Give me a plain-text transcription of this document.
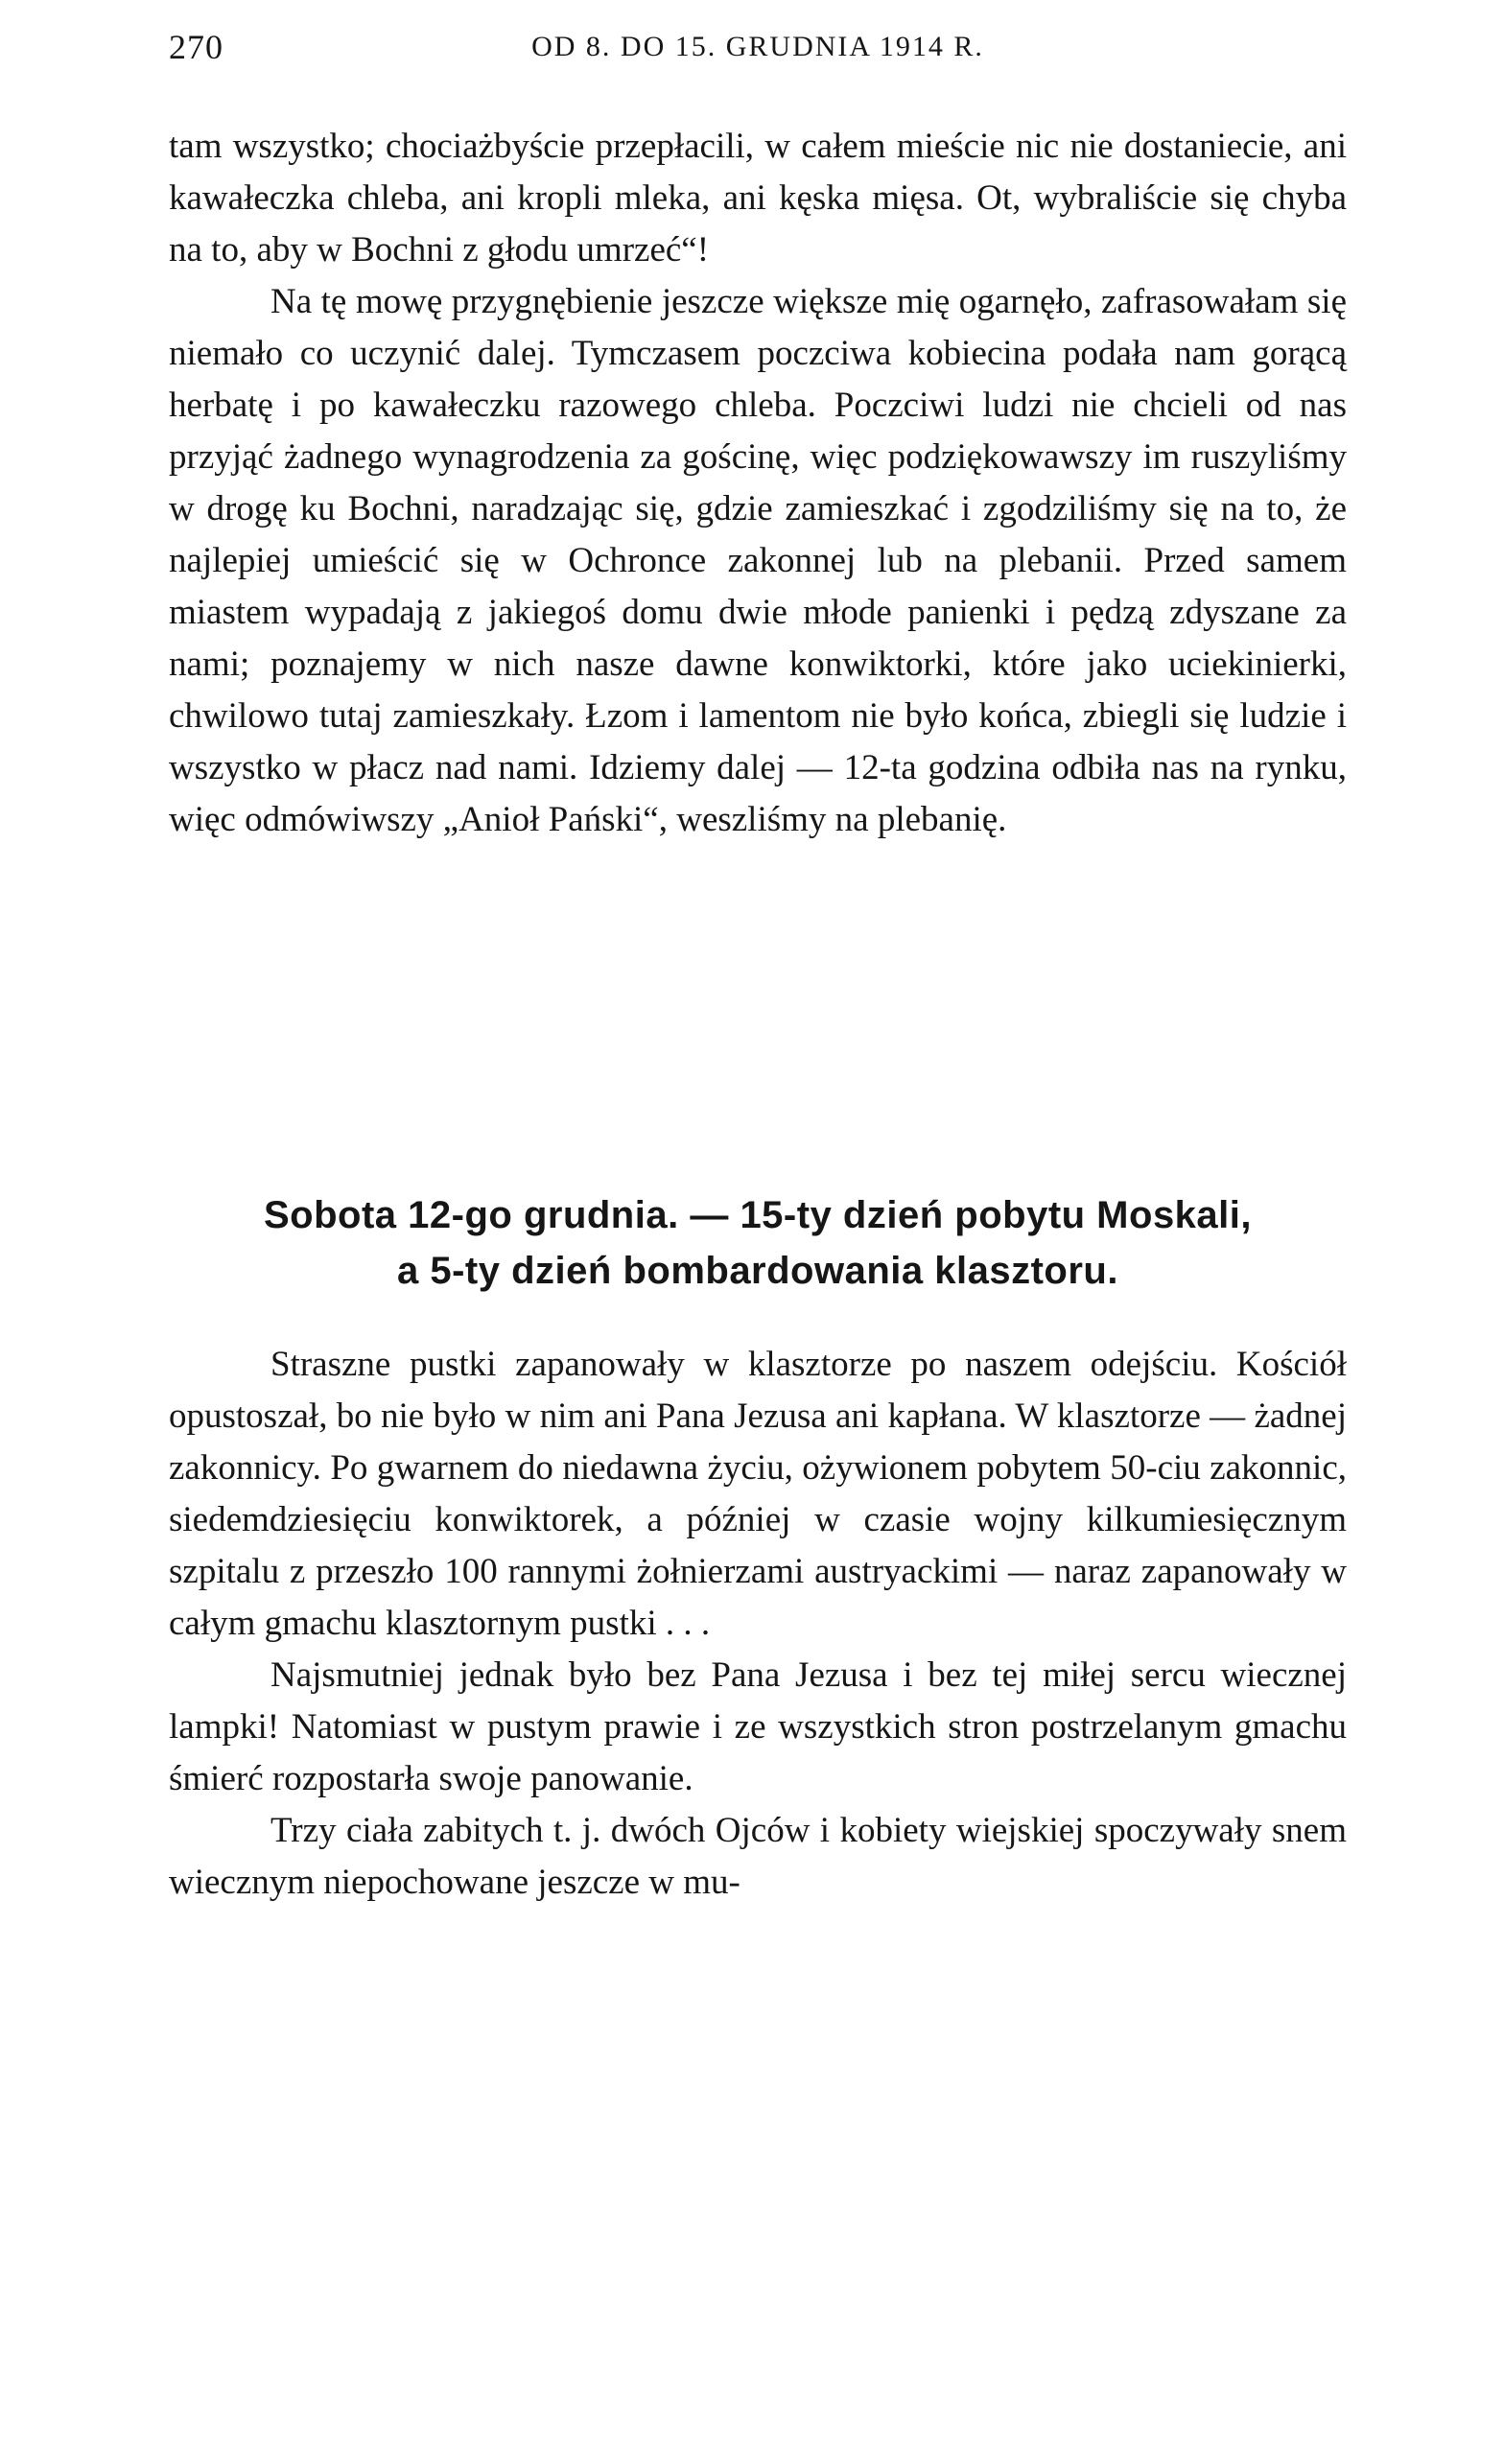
270	OD 8. DO 15. GRUDNIA 1914 R.

tam wszystko; chociażbyście przepłacili, w całem mieście nic nie dostaniecie, ani kawałeczka chleba, ani kropli mleka, ani kęska mięsa. Ot, wybraliście się chyba na to, aby w Bochni z głodu umrzeć“!

Na tę mowę przygnębienie jeszcze większe mię ogarnęło, zafrasowałam się niemało co uczynić dalej. Tymczasem poczciwa kobiecina podała nam gorącą herbatę i po kawałeczku razowego chleba. Poczciwi ludzi nie chcieli od nas przyjąć żadnego wynagrodzenia za gościnę, więc podziękowawszy im ruszyliśmy w drogę ku Bochni, naradzając się, gdzie zamieszkać i zgodziliśmy się na to, że najlepiej umieścić się w Ochronce zakonnej lub na plebanii. Przed samem miastem wypadają z jakiegoś domu dwie młode panienki i pędzą zdyszane za nami; poznajemy w nich nasze dawne konwiktorki, które jako uciekinierki, chwilowo tutaj zamieszkały. Łzom i lamentom nie było końca, zbiegli się ludzie i wszystko w płacz nad nami. Idziemy dalej — 12-ta godzina odbiła nas na rynku, więc odmówiwszy „Anioł Pański“, weszliśmy na plebanię.

Sobota 12-go grudnia. — 15-ty dzień pobytu Moskali,
a 5-ty dzień bombardowania klasztoru.

Straszne pustki zapanowały w klasztorze po naszem odejściu. Kościół opustoszał, bo nie było w nim ani Pana Jezusa ani kapłana. W klasztorze — żadnej zakonnicy. Po gwarnem do niedawna życiu, ożywionem pobytem 50-ciu zakonnic, siedemdziesięciu konwiktorek, a później w czasie wojny kilkumiesięcznym szpitalu z przeszło 100 rannymi żołnierzami austryackimi — naraz zapanowały w całym gmachu klasztornym pustki . . .

Najsmutniej jednak było bez Pana Jezusa i bez tej miłej sercu wiecznej lampki! Natomiast w pustym prawie i ze wszystkich stron postrzelanym gmachu śmierć rozpostarła swoje panowanie.

Trzy ciała zabitych t. j. dwóch Ojców i kobiety wiejskiej spoczywały snem wiecznym niepochowane jeszcze w mu-
